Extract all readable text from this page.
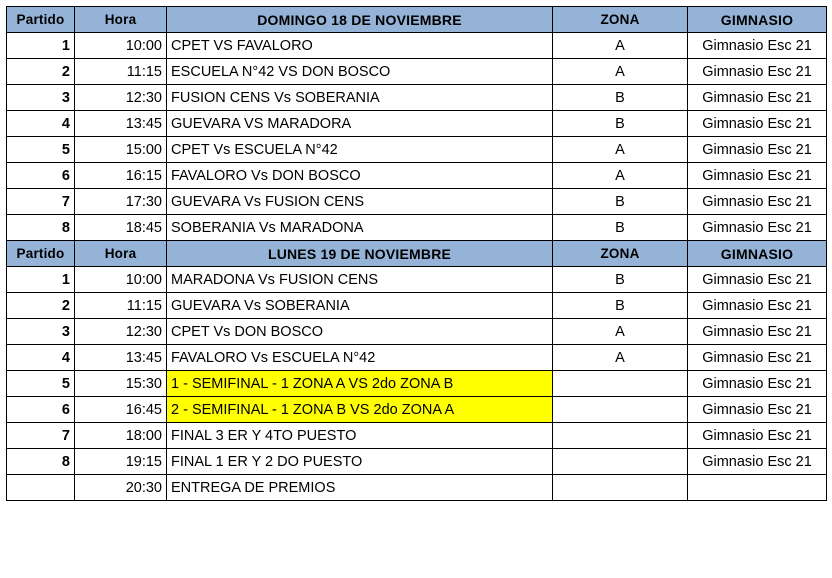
Partido	Hora	DOMINGO 18 DE NOVIEMBRE	ZONA	GIMNASIO
1	10:00	CPET VS FAVALORO	A	Gimnasio Esc 21
2	11:15	ESCUELA N°42 VS DON BOSCO	A	Gimnasio Esc 21
3	12:30	FUSION CENS Vs SOBERANIA	B	Gimnasio Esc 21
4	13:45	GUEVARA VS MARADORA	B	Gimnasio Esc 21
5	15:00	CPET Vs ESCUELA N°42	A	Gimnasio Esc 21
6	16:15	FAVALORO Vs DON BOSCO	A	Gimnasio Esc 21
7	17:30	GUEVARA Vs FUSION CENS	B	Gimnasio Esc 21
8	18:45	SOBERANIA Vs MARADONA	B	Gimnasio Esc 21
Partido	Hora	LUNES 19 DE NOVIEMBRE	ZONA	GIMNASIO
1	10:00	MARADONA Vs FUSION CENS	B	Gimnasio Esc 21
2	11:15	GUEVARA Vs SOBERANIA	B	Gimnasio Esc 21
3	12:30	CPET Vs DON BOSCO	A	Gimnasio Esc 21
4	13:45	FAVALORO Vs ESCUELA N°42	A	Gimnasio Esc 21
5	15:30	1 - SEMIFINAL - 1 ZONA A VS 2do ZONA B		Gimnasio Esc 21
6	16:45	2 - SEMIFINAL - 1 ZONA B VS 2do ZONA A		Gimnasio Esc 21
7	18:00	FINAL 3 ER Y 4TO PUESTO		Gimnasio Esc 21
8	19:15	FINAL 1 ER Y 2 DO PUESTO		Gimnasio Esc 21
	20:30	ENTREGA DE PREMIOS		
